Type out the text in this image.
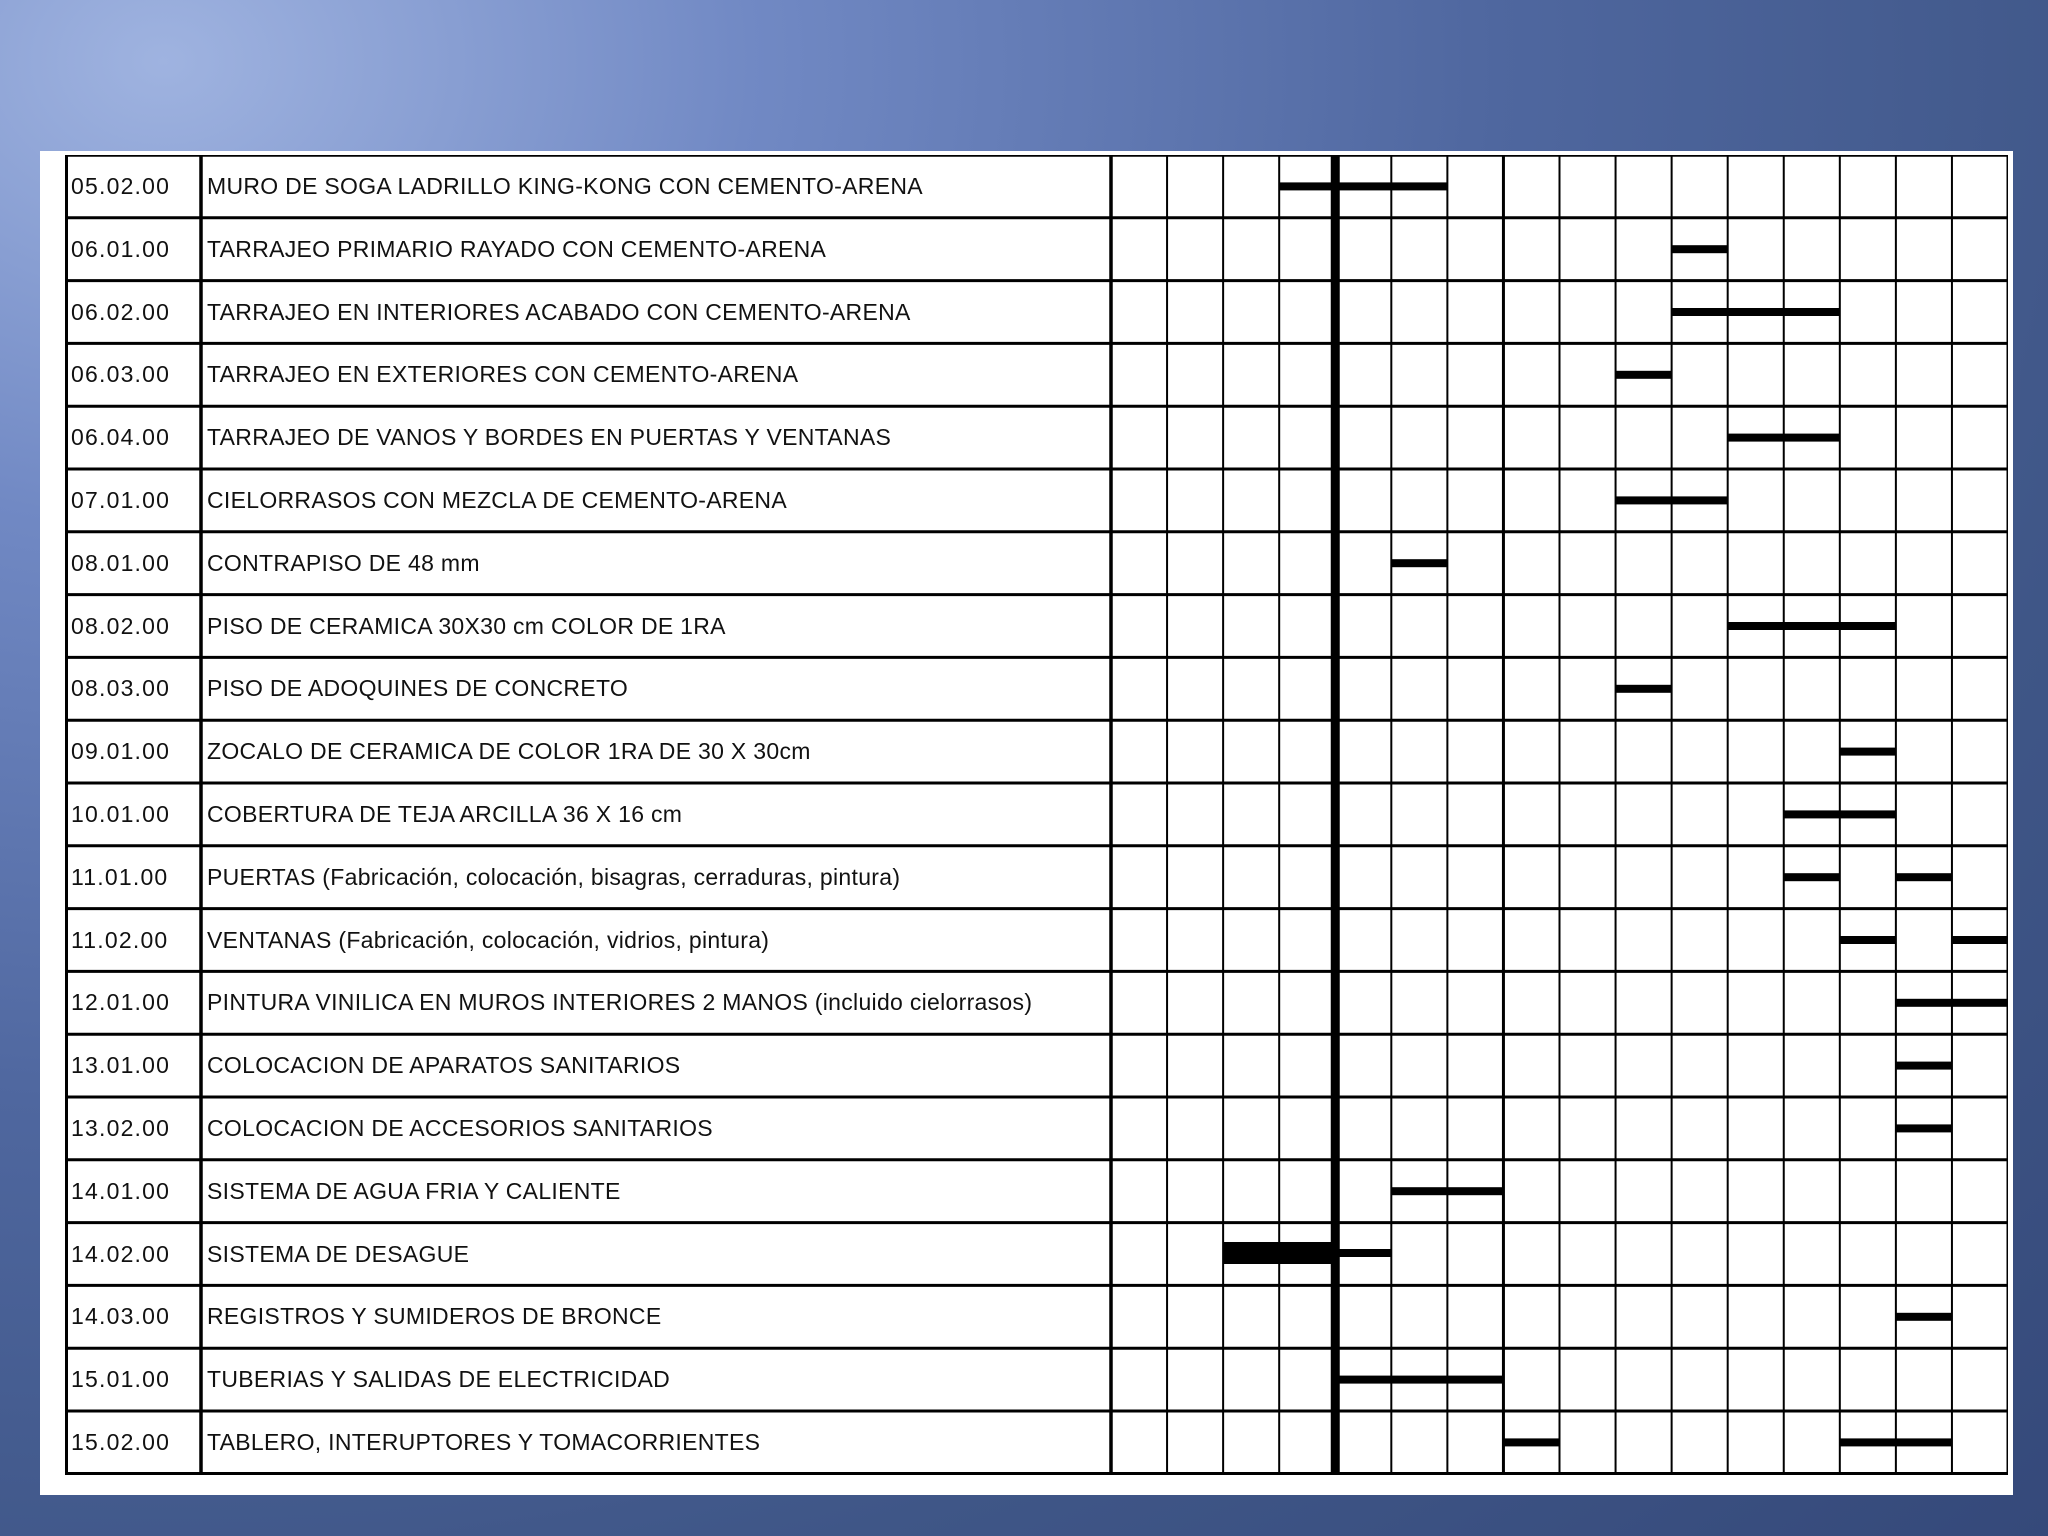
05.02.00	MURO DE SOGA LADRILLO KING-KONG CON CEMENTO-ARENA
06.01.00	TARRAJEO PRIMARIO RAYADO CON CEMENTO-ARENA
06.02.00	TARRAJEO EN INTERIORES ACABADO CON CEMENTO-ARENA
06.03.00	TARRAJEO EN EXTERIORES CON CEMENTO-ARENA
06.04.00	TARRAJEO DE VANOS Y BORDES EN PUERTAS Y VENTANAS
07.01.00	CIELORRASOS CON MEZCLA DE CEMENTO-ARENA
08.01.00	CONTRAPISO DE 48 mm
08.02.00	PISO DE CERAMICA 30X30 cm COLOR DE 1RA
08.03.00	PISO DE ADOQUINES DE CONCRETO
09.01.00	ZOCALO DE CERAMICA DE COLOR 1RA DE 30 X 30cm
10.01.00	COBERTURA DE TEJA ARCILLA 36 X 16 cm
11.01.00	PUERTAS (Fabricación, colocación, bisagras, cerraduras, pintura)
11.02.00	VENTANAS (Fabricación, colocación, vidrios, pintura)
12.01.00	PINTURA VINILICA EN MUROS INTERIORES 2 MANOS (incluido cielorrasos)
13.01.00	COLOCACION DE APARATOS SANITARIOS
13.02.00	COLOCACION DE ACCESORIOS SANITARIOS
14.01.00	SISTEMA DE AGUA FRIA Y CALIENTE
14.02.00	SISTEMA DE DESAGUE
14.03.00	REGISTROS Y SUMIDEROS DE BRONCE
15.01.00	TUBERIAS Y SALIDAS DE ELECTRICIDAD
15.02.00	TABLERO, INTERUPTORES Y TOMACORRIENTES
